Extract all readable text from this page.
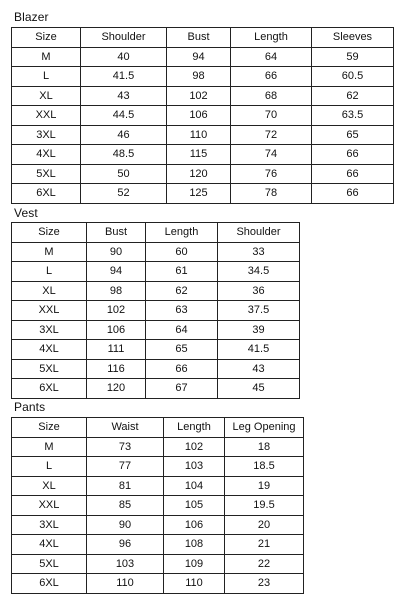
Blazer
Size	Shoulder	Bust	Length	Sleeves
M	40	94	64	59
L	41.5	98	66	60.5
XL	43	102	68	62
XXL	44.5	106	70	63.5
3XL	46	110	72	65
4XL	48.5	115	74	66
5XL	50	120	76	66
6XL	52	125	78	66
Vest
Size	Bust	Length	Shoulder
M	90	60	33
L	94	61	34.5
XL	98	62	36
XXL	102	63	37.5
3XL	106	64	39
4XL	111	65	41.5
5XL	116	66	43
6XL	120	67	45
Pants
Size	Waist	Length	Leg Opening
M	73	102	18
L	77	103	18.5
XL	81	104	19
XXL	85	105	19.5
3XL	90	106	20
4XL	96	108	21
5XL	103	109	22
6XL	110	110	23
